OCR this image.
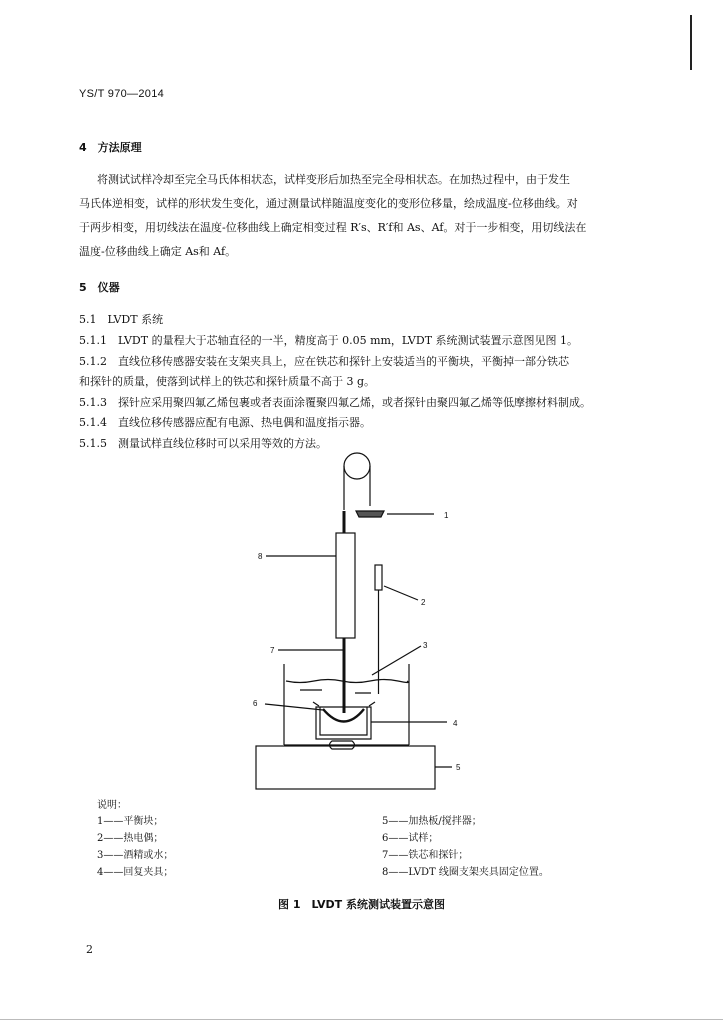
YS/T 970—2014
4　方法原理
将测试试样冷却至完全马氏体相状态，试样变形后加热至完全母相状态。在加热过程中，由于发生
马氏体逆相变，试样的形状发生变化，通过测量试样随温度变化的变形位移量，绘成温度-位移曲线。对
于两步相变，用切线法在温度-位移曲线上确定相变过程 R′s、R′f和 As、Af。对于一步相变，用切线法在
温度-位移曲线上确定 As和 Af。
5　仪器
5.1　LVDT 系统
5.1.1　LVDT 的量程大于芯轴直径的一半，精度高于 0.05 mm，LVDT 系统测试装置示意图见图 1。
5.1.2　直线位移传感器安装在支架夹具上，应在铁芯和探针上安装适当的平衡块，平衡掉一部分铁芯
和探针的质量，使落到试样上的铁芯和探针质量不高于 3 g。
5.1.3　探针应采用聚四氟乙烯包裹或者表面涂覆聚四氟乙烯，或者探针由聚四氟乙烯等低摩擦材料制成。
5.1.4　直线位移传感器应配有电源、热电偶和温度指示器。
5.1.5　测量试样直线位移时可以采用等效的方法。
1
2
3
4
5
6
7
8
说明：
1——平衡块；
2——热电偶；
3——酒精或水；
4——回复夹具；
5——加热板/搅拌器；
6——试样；
7——铁芯和探针；
8——LVDT 线圈支架夹具固定位置。
图 1　LVDT 系统测试装置示意图
2
